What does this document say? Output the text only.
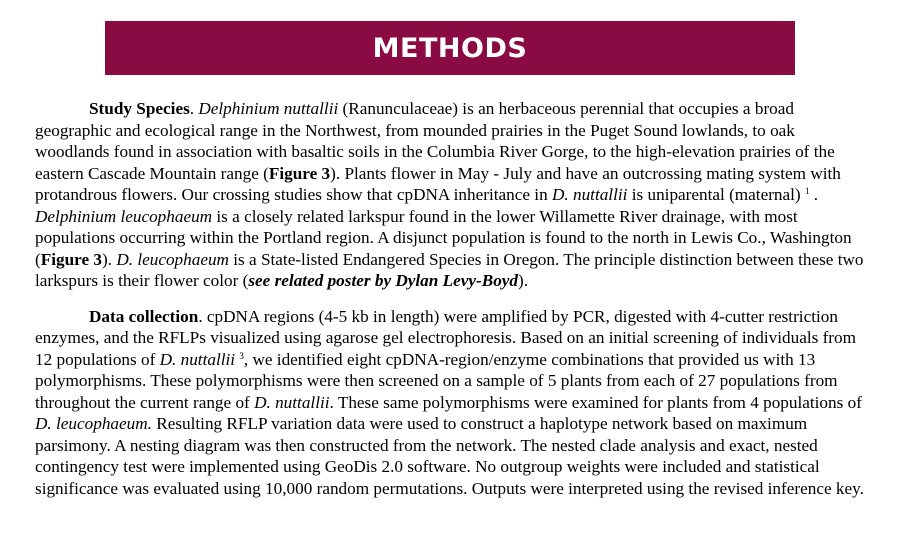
METHODS

Study Species. Delphinium nuttallii (Ranunculaceae) is an herbaceous perennial that occupies a broad geographic and ecological range in the Northwest, from mounded prairies in the Puget Sound lowlands, to oak woodlands found in association with basaltic soils in the Columbia River Gorge, to the high-elevation prairies of the eastern Cascade Mountain range (Figure 3). Plants flower in May - July and have an outcrossing mating system with protandrous flowers. Our crossing studies show that cpDNA inheritance in D. nuttallii is uniparental (maternal) $^1$ . Delphinium leucophaeum is a closely related larkspur found in the lower Willamette River drainage, with most populations occurring within the Portland region. A disjunct population is found to the north in Lewis Co., Washington (Figure 3). D. leucophaeum is a State-listed Endangered Species in Oregon. The principle distinction between these two larkspurs is their flower color (see related poster by Dylan Levy-Boyd).

Data collection. cpDNA regions (4-5 kb in length) were amplified by PCR, digested with 4-cutter restriction enzymes, and the RFLPs visualized using agarose gel electrophoresis. Based on an initial screening of individuals from 12 populations of D. nuttallii $^3$, we identified eight cpDNA-region/enzyme combinations that provided us with 13 polymorphisms. These polymorphisms were then screened on a sample of 5 plants from each of 27 populations from throughout the current range of D. nuttallii. These same polymorphisms were examined for plants from 4 populations of D. leucophaeum. Resulting RFLP variation data were used to construct a haplotype network based on maximum parsimony. A nesting diagram was then constructed from the network. The nested clade analysis and exact, nested contingency test were implemented using GeoDis 2.0 software. No outgroup weights were included and statistical significance was evaluated using 10,000 random permutations. Outputs were interpreted using the revised inference key.
